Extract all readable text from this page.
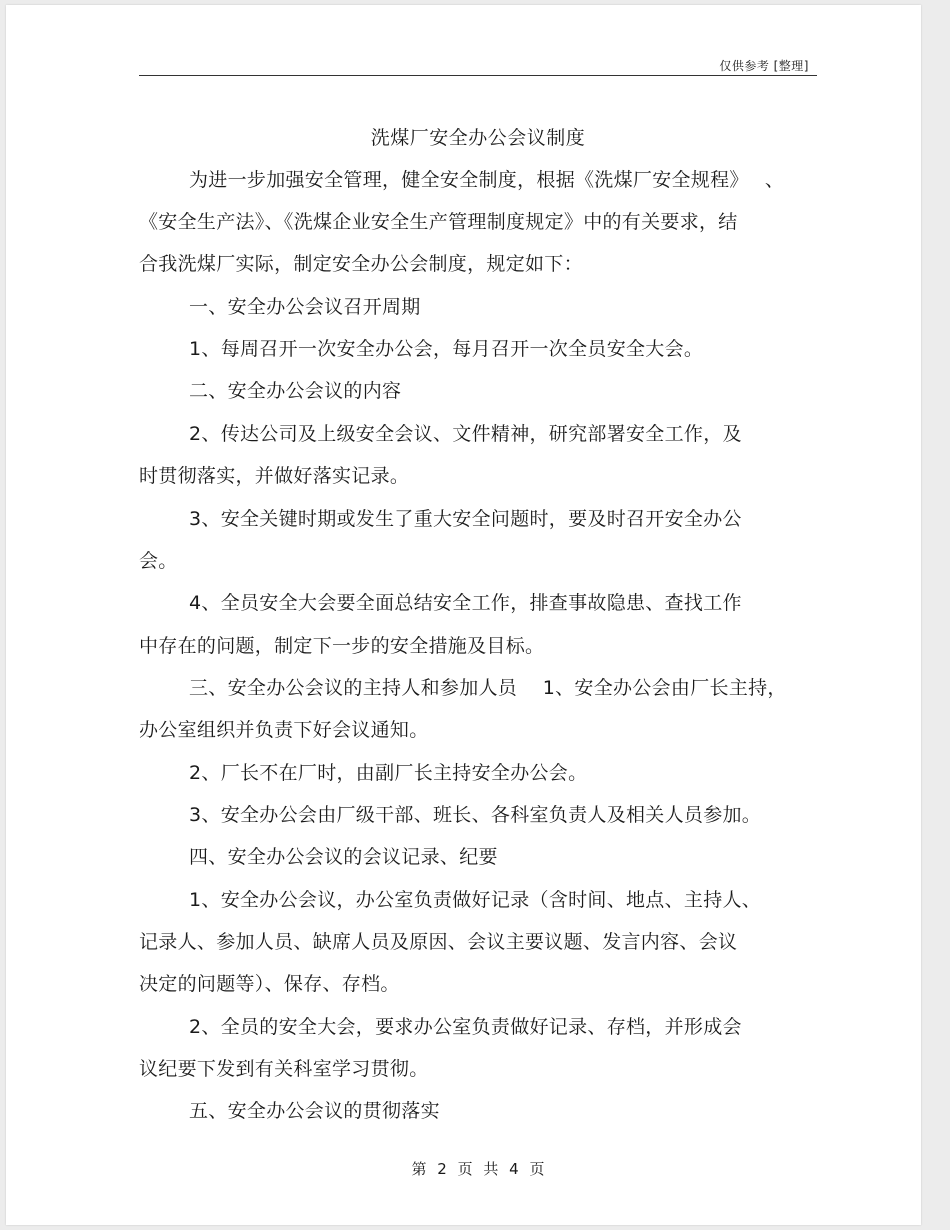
仅供参考 [整理]
洗煤厂安全办公会议制度
为进一步加强安全管理，健全安全制度，根据《洗煤厂安全规程》　 、
《安全生产法》、《洗煤企业安全生产管理制度规定》中的有关要求，结
合我洗煤厂实际，制定安全办公会制度，规定如下：
一、安全办公会议召开周期
1、每周召开一次安全办公会，每月召开一次全员安全大会。
二、安全办公会议的内容
2、传达公司及上级安全会议、文件精神，研究部署安全工作，及
时贯彻落实，并做好落实记录。
3、安全关键时期或发生了重大安全问题时，要及时召开安全办公
会。
4、全员安全大会要全面总结安全工作，排查事故隐患、查找工作
中存在的问题，制定下一步的安全措施及目标。
三、安全办公会议的主持人和参加人员　 1、安全办公会由厂长主持，
办公室组织并负责下好会议通知。
2、厂长不在厂时，由副厂长主持安全办公会。
3、安全办公会由厂级干部、班长、各科室负责人及相关人员参加。
四、安全办公会议的会议记录、纪要
1、安全办公会议，办公室负责做好记录（含时间、地点、主持人、
记录人、参加人员、缺席人员及原因、会议主要议题、发言内容、会议
决定的问题等）、保存、存档。
2、全员的安全大会，要求办公室负责做好记录、存档，并形成会
议纪要下发到有关科室学习贯彻。
五、安全办公会议的贯彻落实
第 2 页 共 4 页
